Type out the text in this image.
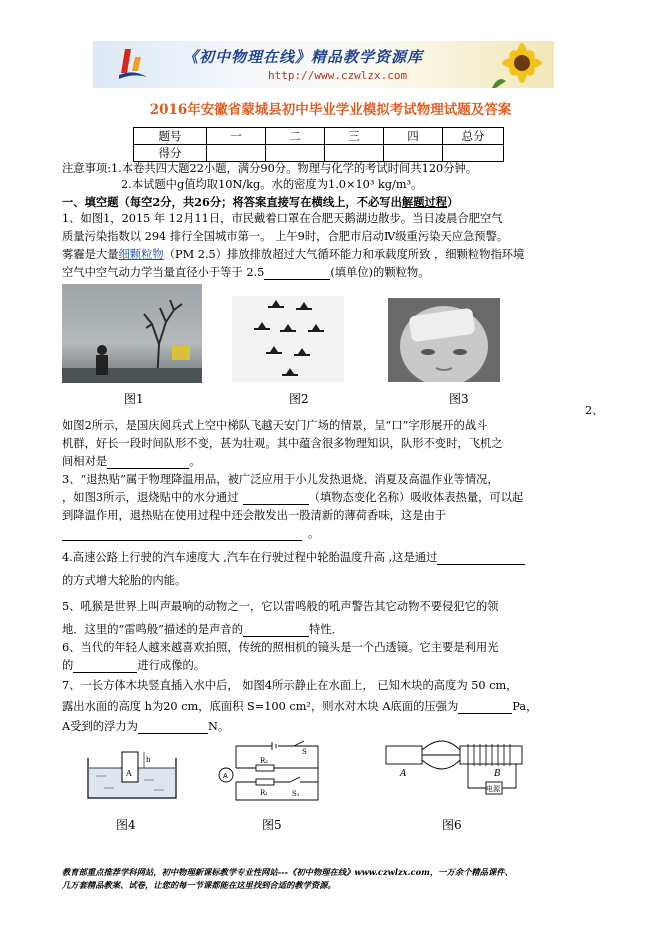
《初中物理在线》精品教学资源库
http://www.czwlzx.com
2016年安徽省蒙城县初中毕业学业模拟考试物理试题及答案
题号	一	二	三	四	总分
得分					
注意事项:1.本卷共四大题22小题，满分90分。物理与化学的考试时间共120分钟。
2.本试题中g值均取10N/kg。水的密度为1.0×10³ kg/m³。
一、填空题（每空2分，共26分；将答案直接写在横线上，不必写出解题过程）
1、如图1，2015 年 12月11日，市民戴着口罩在合肥天鹅湖边散步。当日凌晨合肥空气
质量污染指数以 294 排行全国城市第一。 上午9时，合肥市启动Ⅳ级重污染天应急预警。
雾霾是大量细颗粒物（PM 2.5）排放排放超过大气循环能力和承载度所致 ，细颗粒物指环境
空气中空气动力学当量直径小于等于 2.5	(填单位)的颗粒物。
图1	图2	图3
2、
如图2所示，是国庆阅兵式上空中梯队飞越天安门广场的情景，呈“口”字形展开的战斗
机群，好长一段时间队形不变，甚为壮观。其中蕴含很多物理知识，队形不变时，飞机之
间相对是	。
3、“退热贴”属于物理降温用品，被广泛应用于小儿发热退烧、消夏及高温作业等情况，
，如图3所示，退烧贴中的水分通过	（填物态变化名称）吸收体表热量，可以起
到降温作用，退热贴在使用过程中还会散发出一股清新的薄荷香味，这是由于
。
4.高速公路上行驶的汽车速度大 ,汽车在行驶过程中轮胎温度升高 ,这是通过
的方式增大轮胎的内能。
5、吼猴是世界上叫声最响的动物之一，它以雷鸣般的吼声警告其它动物不要侵犯它的领
地．这里的“雷鸣般”描述的是声音的	特性．
6、当代的年轻人越来越喜欢拍照，传统的照相机的镜头是一个凸透镜。它主要是利用光
的	进行成像的。
7、一长方体木块竖直插入水中后， 如图4所示静止在水面上， 已知木块的高度为 50 cm，
露出水面的高度 h为20 cm，底面积 S=100 cm²，则水对木块 A底面的压强为	Pa，
A受到的浮力为	N。
A
h
A
R₂
R₁	S₁
S
A	B
电源
图4	图5	图6
教育部重点推荐学科网站，初中物理新课标教学专业性网站---《初中物理在线》www.czwlzx.com，一万余个精品课件、
几万套精品教案、试卷，让您的每一节课都能在这里找到合适的教学资源。
